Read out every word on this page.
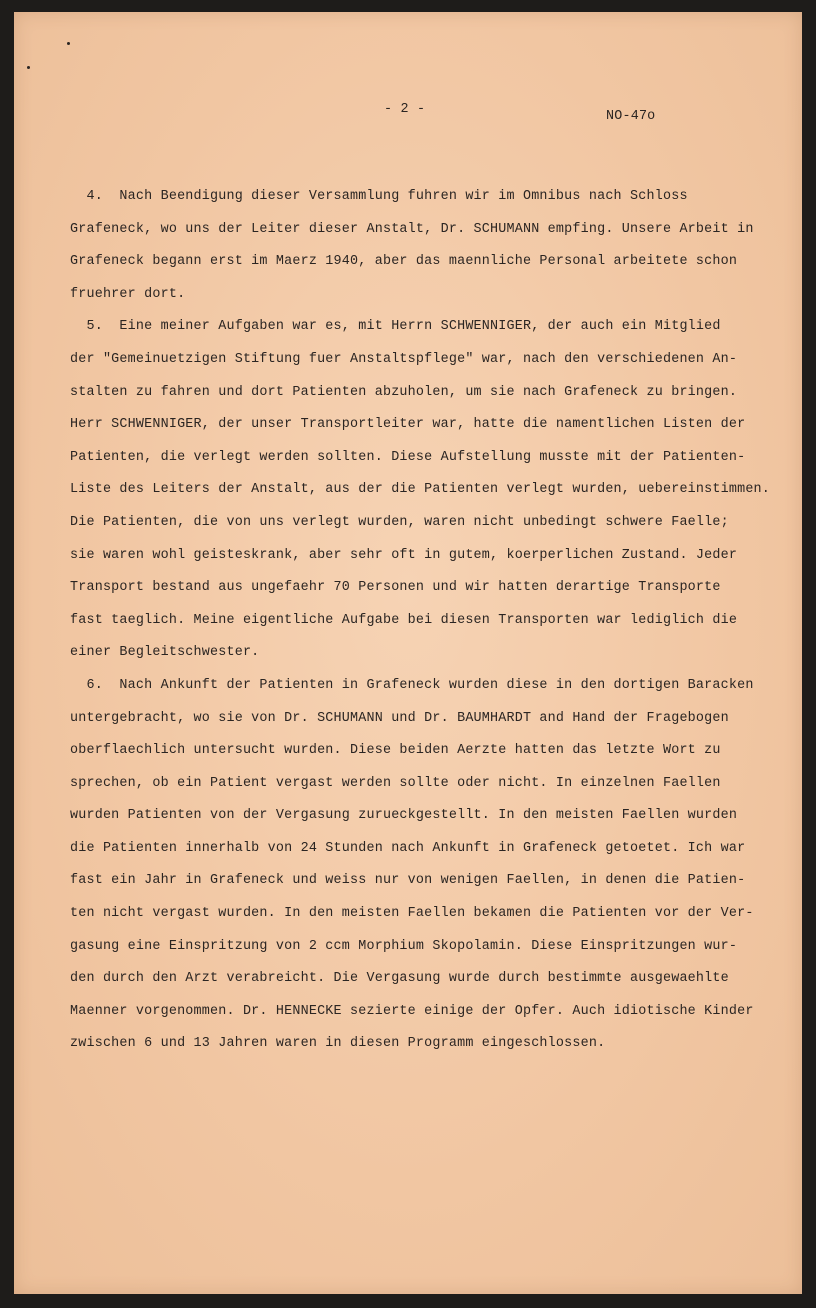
- 2 -	NO-47o
4.  Nach Beendigung dieser Versammlung fuhren wir im Omnibus nach Schloss
Grafeneck, wo uns der Leiter dieser Anstalt, Dr. SCHUMANN empfing. Unsere Arbeit in
Grafeneck begann erst im Maerz 1940, aber das maennliche Personal arbeitete schon
fruehrer dort.
5.  Eine meiner Aufgaben war es, mit Herrn SCHWENNIGER, der auch ein Mitglied
der "Gemeinuetzigen Stiftung fuer Anstaltspflege" war, nach den verschiedenen An-
stalten zu fahren und dort Patienten abzuholen, um sie nach Grafeneck zu bringen.
Herr SCHWENNIGER, der unser Transportleiter war, hatte die namentlichen Listen der
Patienten, die verlegt werden sollten. Diese Aufstellung musste mit der Patienten-
Liste des Leiters der Anstalt, aus der die Patienten verlegt wurden, uebereinstimmen.
Die Patienten, die von uns verlegt wurden, waren nicht unbedingt schwere Faelle;
sie waren wohl geisteskrank, aber sehr oft in gutem, koerperlichen Zustand. Jeder
Transport bestand aus ungefaehr 70 Personen und wir hatten derartige Transporte
fast taeglich. Meine eigentliche Aufgabe bei diesen Transporten war lediglich die
einer Begleitschwester.
6.  Nach Ankunft der Patienten in Grafeneck wurden diese in den dortigen Baracken
untergebracht, wo sie von Dr. SCHUMANN und Dr. BAUMHARDT and Hand der Fragebogen
oberflaechlich untersucht wurden. Diese beiden Aerzte hatten das letzte Wort zu
sprechen, ob ein Patient vergast werden sollte oder nicht. In einzelnen Faellen
wurden Patienten von der Vergasung zurueckgestellt. In den meisten Faellen wurden
die Patienten innerhalb von 24 Stunden nach Ankunft in Grafeneck getoetet. Ich war
fast ein Jahr in Grafeneck und weiss nur von wenigen Faellen, in denen die Patien-
ten nicht vergast wurden. In den meisten Faellen bekamen die Patienten vor der Ver-
gasung eine Einspritzung von 2 ccm Morphium Skopolamin. Diese Einspritzungen wur-
den durch den Arzt verabreicht. Die Vergasung wurde durch bestimmte ausgewaehlte
Maenner vorgenommen. Dr. HENNECKE sezierte einige der Opfer. Auch idiotische Kinder
zwischen 6 und 13 Jahren waren in diesen Programm eingeschlossen.
